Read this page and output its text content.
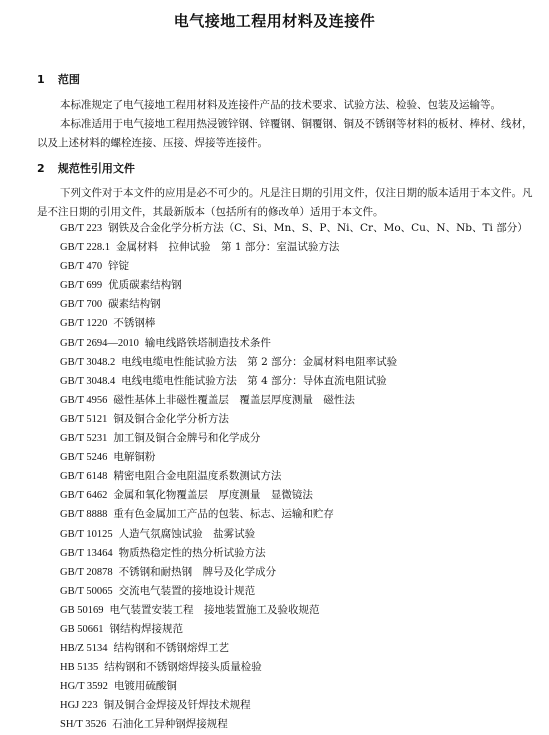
电气接地工程用材料及连接件
1 范围
本标准规定了电气接地工程用材料及连接件产品的技术要求、试验方法、检验、包装及运输等。
本标准适用于电气接地工程用热浸镀锌钢、锌覆钢、铜覆钢、铜及不锈钢等材料的板材、棒材、线材，以及上述材料的螺栓连接、压接、焊接等连接件。
2 规范性引用文件
下列文件对于本文件的应用是必不可少的。凡是注日期的引用文件，仅注日期的版本适用于本文件。凡是不注日期的引用文件，其最新版本（包括所有的修改单）适用于本文件。
GB/T 223 钢铁及合金化学分析方法（C、Si、Mn、S、P、Ni、Cr、Mo、Cu、N、Nb、Ti 部分）
GB/T 228.1 金属材料　拉伸试验　第 1 部分：室温试验方法
GB/T 470 锌锭
GB/T 699 优质碳素结构钢
GB/T 700 碳素结构钢
GB/T 1220 不锈钢棒
GB/T 2694—2010 输电线路铁塔制造技术条件
GB/T 3048.2 电线电缆电性能试验方法　第 2 部分：金属材料电阻率试验
GB/T 3048.4 电线电缆电性能试验方法　第 4 部分：导体直流电阻试验
GB/T 4956 磁性基体上非磁性覆盖层　覆盖层厚度测量　磁性法
GB/T 5121 铜及铜合金化学分析方法
GB/T 5231 加工铜及铜合金牌号和化学成分
GB/T 5246 电解铜粉
GB/T 6148 精密电阻合金电阻温度系数测试方法
GB/T 6462 金属和氧化物覆盖层　厚度测量　显微镜法
GB/T 8888 重有色金属加工产品的包装、标志、运输和贮存
GB/T 10125 人造气氛腐蚀试验　盐雾试验
GB/T 13464 物质热稳定性的热分析试验方法
GB/T 20878 不锈钢和耐热钢　牌号及化学成分
GB/T 50065 交流电气装置的接地设计规范
GB 50169 电气装置安装工程　接地装置施工及验收规范
GB 50661 钢结构焊接规范
HB/Z 5134 结构钢和不锈钢熔焊工艺
HB 5135 结构钢和不锈钢熔焊接头质量检验
HG/T 3592 电镀用硫酸铜
HGJ 223 铜及铜合金焊接及钎焊技术规程
SH/T 3526 石油化工异种钢焊接规程
